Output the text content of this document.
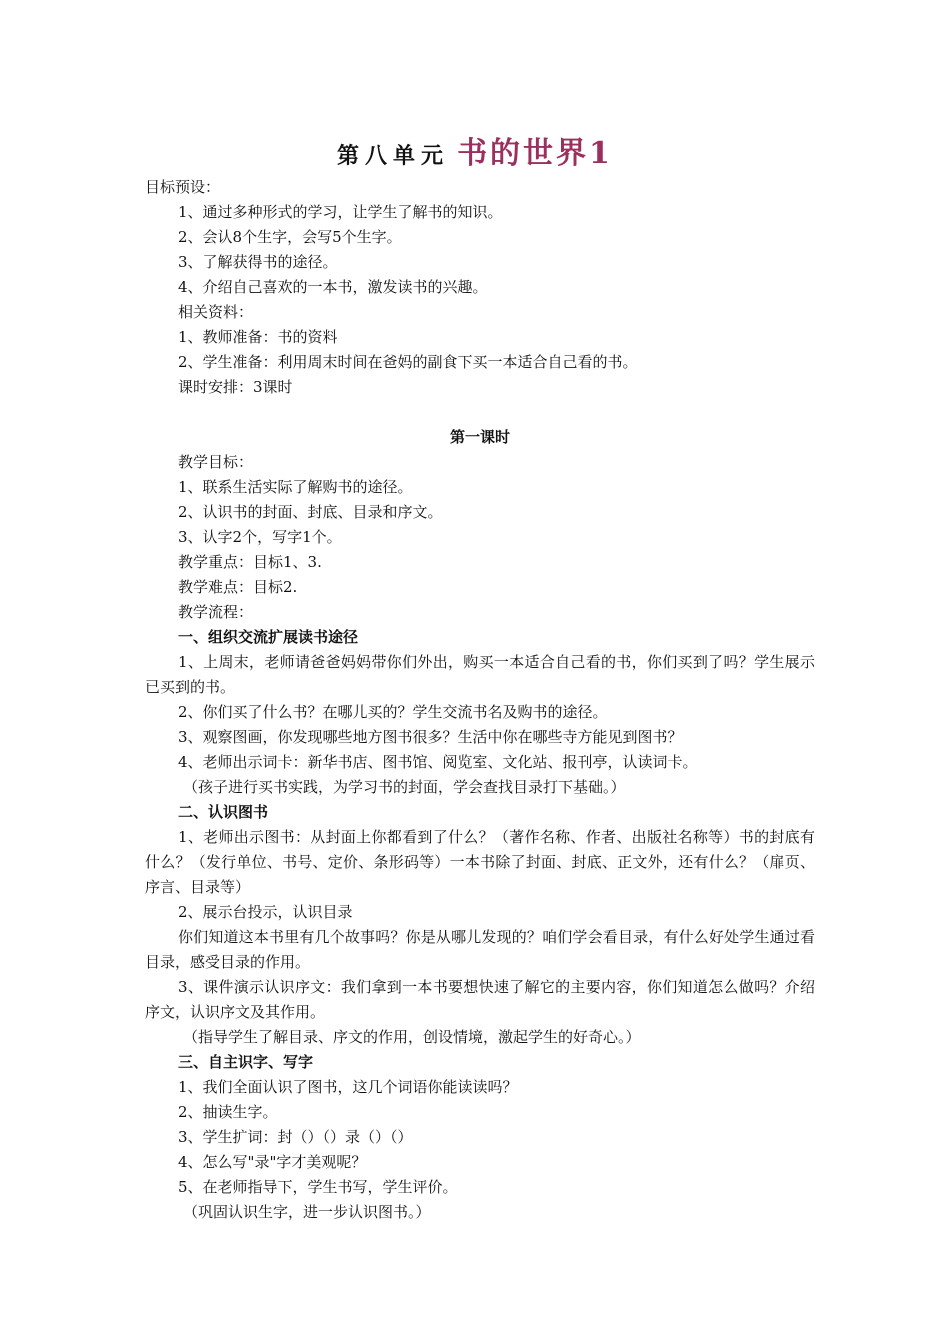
第八单元 书的世界1

目标预设：

1、通过多种形式的学习，让学生了解书的知识。

2、会认8个生字，会写5个生字。

3、了解获得书的途径。

4、介绍自己喜欢的一本书，激发读书的兴趣。

相关资料：

1、教师准备：书的资料

2、学生准备：利用周末时间在爸妈的副食下买一本适合自己看的书。

课时安排：3课时

第一课时

教学目标：

1、联系生活实际了解购书的途径。

2、认识书的封面、封底、目录和序文。

3、认字2个，写字1个。

教学重点：目标1、3.

教学难点：目标2.

教学流程：

一、组织交流扩展读书途径

1、上周末，老师请爸爸妈妈带你们外出，购买一本适合自己看的书，你们买到了吗？学生展示已买到的书。

2、你们买了什么书？在哪儿买的？学生交流书名及购书的途径。

3、观察图画，你发现哪些地方图书很多？生活中你在哪些寺方能见到图书？

4、老师出示词卡：新华书店、图书馆、阅览室、文化站、报刊亭，认读词卡。

（孩子进行买书实践，为学习书的封面，学会查找目录打下基础。）

二、认识图书

1、老师出示图书：从封面上你都看到了什么？（著作名称、作者、出版社名称等）书的封底有什么？（发行单位、书号、定价、条形码等）一本书除了封面、封底、正文外，还有什么？（扉页、序言、目录等）

2、展示台投示，认识目录

你们知道这本书里有几个故事吗？你是从哪儿发现的？咱们学会看目录，有什么好处学生通过看目录，感受目录的作用。

3、课件演示认识序文：我们拿到一本书要想快速了解它的主要内容，你们知道怎么做吗？介绍序文，认识序文及其作用。

（指导学生了解目录、序文的作用，创设情境，激起学生的好奇心。）

三、自主识字、写字

1、我们全面认识了图书，这几个词语你能读读吗？

2、抽读生字。

3、学生扩词：封（）（）录（）（）

4、怎么写"录"字才美观呢？

5、在老师指导下，学生书写，学生评价。

（巩固认识生字，进一步认识图书。）
